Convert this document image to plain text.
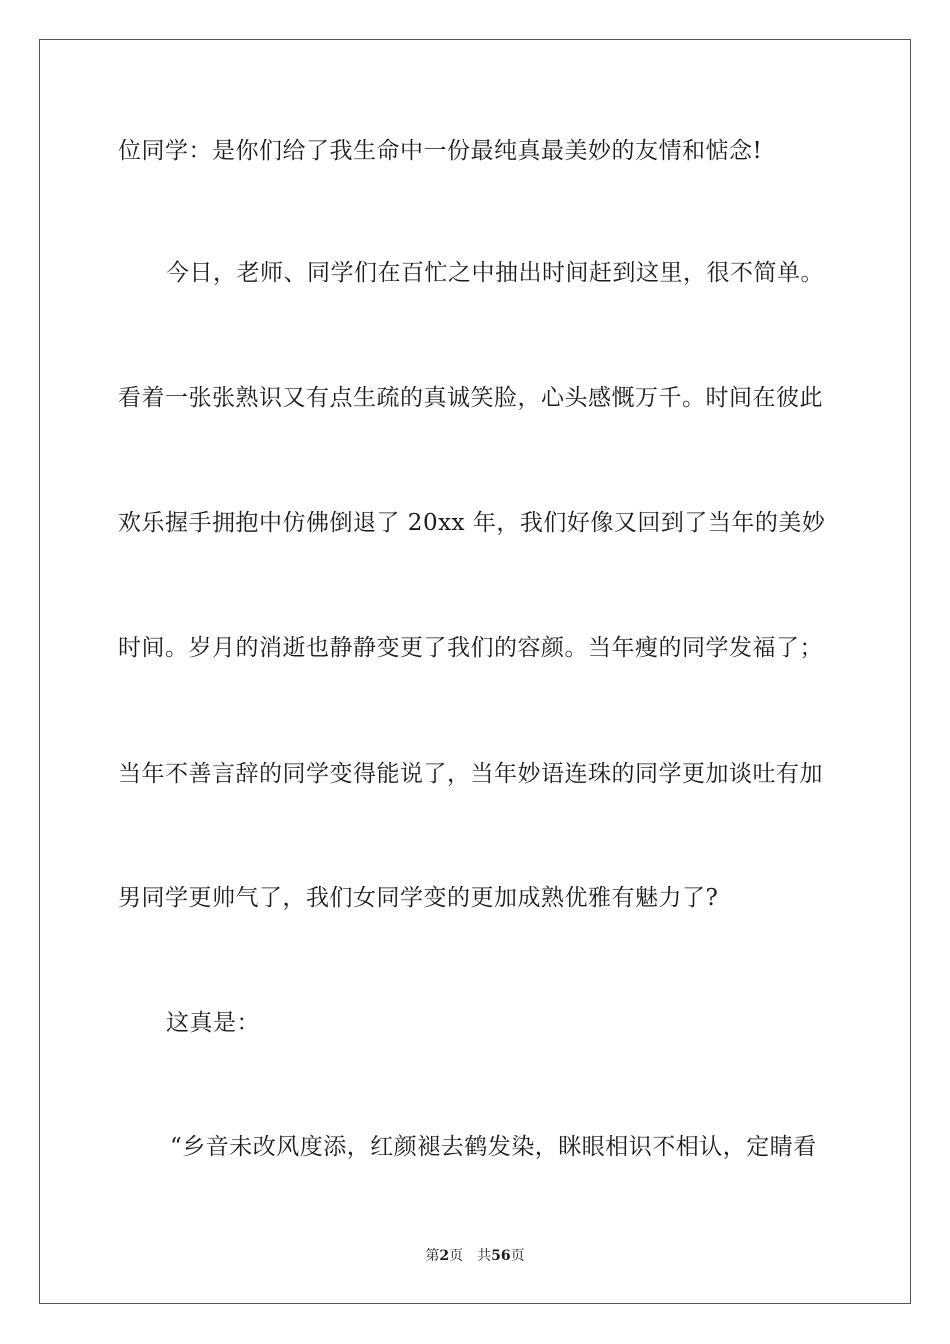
位同学：是你们给了我生命中一份最纯真最美妙的友情和惦念!
今日，老师、同学们在百忙之中抽出时间赶到这里，很不简单。
看着一张张熟识又有点生疏的真诚笑脸，心头感慨万千。时间在彼此
欢乐握手拥抱中仿佛倒退了 20xx 年，我们好像又回到了当年的美妙
时间。岁月的消逝也静静变更了我们的容颜。当年瘦的同学发福了；
当年不善言辞的同学变得能说了，当年妙语连珠的同学更加谈吐有加
男同学更帅气了，我们女同学变的更加成熟优雅有魅力了?
这真是：
“乡音未改风度添，红颜褪去鹤发染，眯眼相识不相认，定睛看
第2页 共56页
